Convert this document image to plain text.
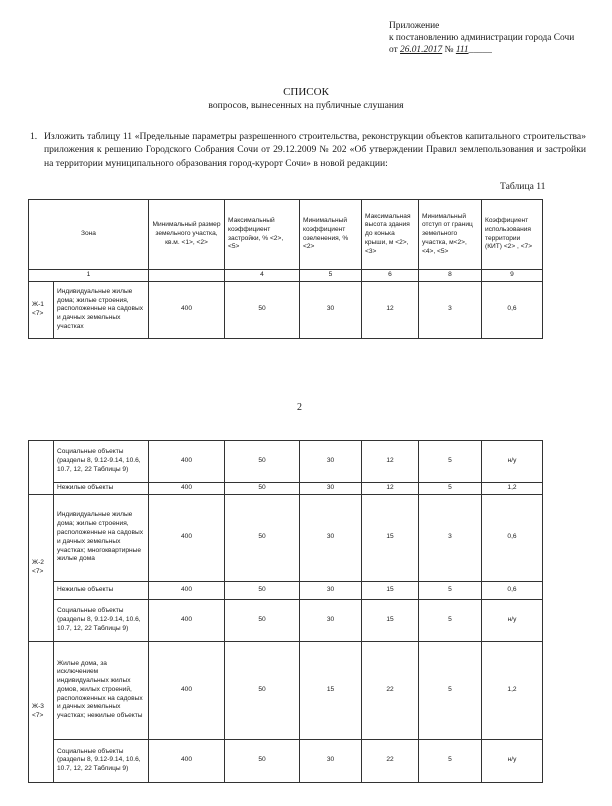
Приложение
к постановлению администрации города Сочи
от 26.01.2017 № 111_____
СПИСОК
вопросов, вынесенных на публичные слушания
1. Изложить таблицу 11 «Предельные параметры разрешенного строительства, реконструкции объектов капитального строительства» приложения к решению Городского Собрания Сочи от 29.12.2009 № 202 «Об утверждении Правил землепользования и застройки на территории муниципального образования город-курорт Сочи» в новой редакции:
Таблица 11
Зона		Минимальный размер земельного участка, кв.м. <1>, <2>	Максимальный коэффициент застройки, % <2>, <5>	Минимальный коэффициент озеленения, % <2>	Максимальная высота здания до конька крыши, м <2>, <3>	Минимальный отступ от границ земельного участка, м<2>, <4>, <5>	Коэффициент использования территории (КИТ) <2> , <7>
1			4	5	6	8	9
Ж-1 <7>	Индивидуальные жилые дома; жилые строения, расположенные на садовых и дачных земельных участках	400	50	30	12	3	0,6
2
	Социальные объекты (разделы 8, 9.12-9.14, 10.6, 10.7, 12, 22 Таблицы 9)	400	50	30	12	5	н/у
	Нежилые объекты	400	50	30	12	5	1,2
Ж-2 <7>	Индивидуальные жилые дома; жилые строения, расположенные на садовых и дачных земельных участках; многоквартирные жилые дома	400	50	30	15	3	0,6
	Нежилые объекты	400	50	30	15	5	0,6
	Социальные объекты (разделы 8, 9.12-9.14, 10.6, 10.7, 12, 22 Таблицы 9)	400	50	30	15	5	н/у
Ж-3 <7>	Жилые дома, за исключением индивидуальных жилых домов, жилых строений, расположенных на садовых и дачных земельных участках; нежилые объекты	400	50	15	22	5	1,2
	Социальные объекты (разделы 8, 9.12-9.14, 10.6, 10.7, 12, 22 Таблицы 9)	400	50	30	22	5	н/у
